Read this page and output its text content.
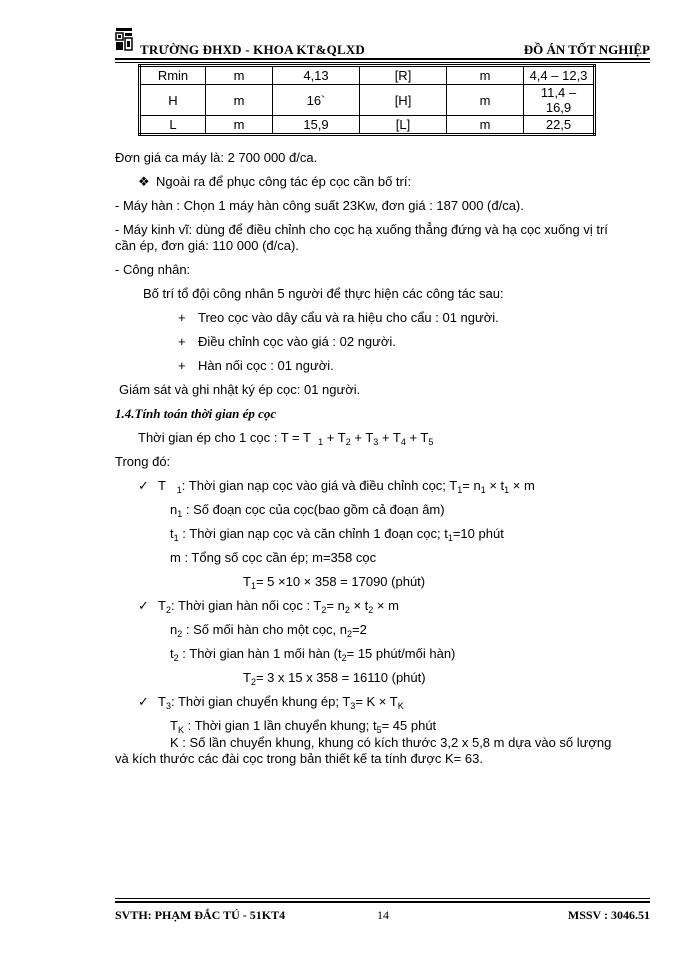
TRƯỜNG ĐHXD - KHOA KT&QLXD	ĐỒ ÁN TỐT NGHIỆP
Rmin	m	4,13	[R]	m	4,4 – 12,3
H	m	16`	[H]	m	11,4 – 16,9
L	m	15,9	[L]	m	22,5
Đơn giá ca máy là: 2 700 000 đ/ca.
❖ Ngoài ra để phục công tác ép cọc cần bố trí:
- Máy hàn : Chọn 1 máy hàn công suất 23Kw, đơn giá : 187 000 (đ/ca).
- Máy kinh vĩ: dùng để điều chỉnh cho cọc hạ xuống thẳng đứng và hạ cọc xuống vị trí
cần ép, đơn giá: 110 000 (đ/ca).
- Công nhân:
Bố trí tổ đội công nhân 5 người để thực hiện các công tác sau:
+ Treo cọc vào dây cẩu và ra hiệu cho cẩu : 01 người.
+ Điều chỉnh cọc vào giá : 02 người.
+ Hàn nối cọc : 01 người.
Giám sát và ghi nhật ký ép cọc: 01 người.
1.4.Tính toán thời gian ép cọc
Thời gian ép cho 1 cọc : T = T $_1 + T_2 + T_3 + T_4 + T_5$
Trong đó:
✓ T   $_1$: Thời gian nạp cọc vào giá và điều chỉnh cọc; $T_1= n_1 \times t_1 \times m$
$n_1$ : Số đoạn cọc của cọc(bao gồm cả đoạn âm)
$t_1$ : Thời gian nạp cọc và căn chỉnh 1 đoạn cọc; $t_1=10$ phút
m : Tổng số cọc cần ép; m=358 cọc
$T_1= 5 \times 10 \times 358 = 17090$ (phút)
✓ $T_2$: Thời gian hàn nối cọc : $T_2= n_2 \times t_2 \times m$
$n_2$ : Số mối hàn cho một cọc, $n_2=2$
$t_2$ : Thời gian hàn 1 mối hàn ($t_2= 15$ phút/mối hàn)
$T_2= 3$ x 15 x 358 = 16110 (phút)
✓ $T_3$: Thời gian chuyển khung ép; $T_3= K \times T_K$
$T_K$ : Thời gian 1 lần chuyển khung; $t_5= 45$ phút
K : Số lần chuyển khung, khung có kích thước 3,2 x 5,8 m dựa vào số lượng
và kích thước các đài cọc trong bản thiết kế ta tính được K= 63.
SVTH: PHẠM ĐẮC TÚ - 51KT4	14	MSSV : 3046.51
